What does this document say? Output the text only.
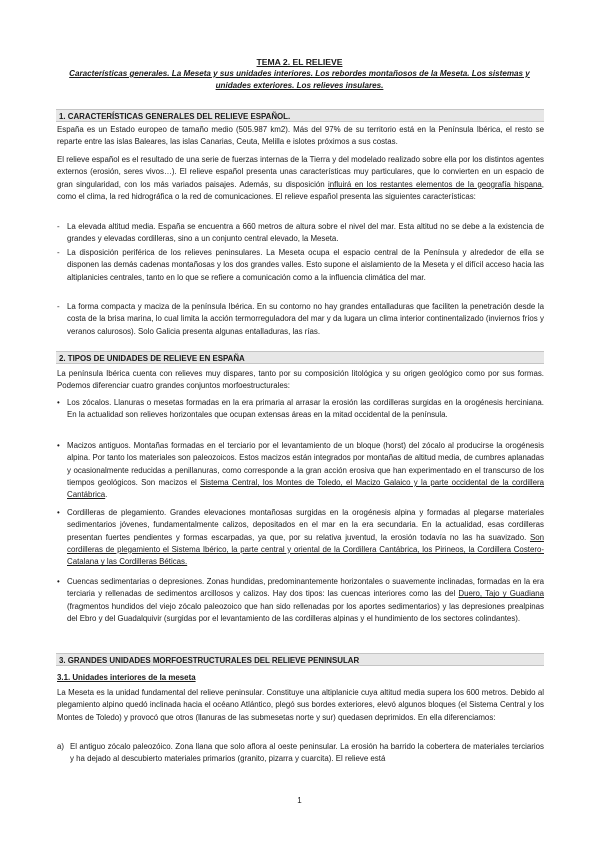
TEMA 2. EL RELIEVE
Características generales. La Meseta y sus unidades interiores. Los rebordes montañosos de la Meseta. Los sistemas y unidades exteriores. Los relieves insulares.
1. CARACTERÍSTICAS GENERALES DEL RELIEVE ESPAÑOL.
España es un Estado europeo de tamaño medio (505.987 km2). Más del 97% de su territorio está en la Península Ibérica, el resto se reparte entre las islas Baleares, las islas Canarias, Ceuta, Melilla e islotes próximos a sus costas.
El relieve español es el resultado de una serie de fuerzas internas de la Tierra y del modelado realizado sobre ella por los distintos agentes externos (erosión, seres vivos…). El relieve español presenta unas características muy particulares, que lo convierten en un espacio de gran singularidad, con los más variados paisajes. Además, su disposición influirá en los restantes elementos de la geografía hispana, como el clima, la red hidrográfica o la red de comunicaciones. El relieve español presenta las siguientes características:
- La elevada altitud media. España se encuentra a 660 metros de altura sobre el nivel del mar. Esta altitud no se debe a la existencia de grandes y elevadas cordilleras, sino a un conjunto central elevado, la Meseta.
- La disposición periférica de los relieves peninsulares. La Meseta ocupa el espacio central de la Península y alrededor de ella se disponen las demás cadenas montañosas y los dos grandes valles. Esto supone el aislamiento de la Meseta y el difícil acceso hacia las altiplanicies centrales, tanto en lo que se refiere a comunicación como a la influencia climática del mar.
- La forma compacta y maciza de la península Ibérica. En su contorno no hay grandes entalladuras que faciliten la penetración desde la costa de la brisa marina, lo cual limita la acción termorreguladora del mar y da lugara un clima interior continentalizado (inviernos fríos y veranos calurosos). Solo Galicia presenta algunas entalladuras, las rías.
2. TIPOS DE UNIDADES DE RELIEVE EN ESPAÑA
La península Ibérica cuenta con relieves muy dispares, tanto por su composición litológica y su origen geológico como por sus formas. Podemos diferenciar cuatro grandes conjuntos morfoestructurales:
• Los zócalos. Llanuras o mesetas formadas en la era primaria al arrasar la erosión las cordilleras surgidas en la orogénesis herciniana. En la actualidad son relieves horizontales que ocupan extensas áreas en la mitad occidental de la península.
• Macizos antiguos. Montañas formadas en el terciario por el levantamiento de un bloque (horst) del zócalo al producirse la orogénesis alpina. Por tanto los materiales son paleozoicos. Estos macizos están integrados por montañas de altitud media, de cumbres aplanadas y ocasionalmente reducidas a penillanuras, como corresponde a la gran acción erosiva que han experimentado en el transcurso de los tiempos geológicos. Son macizos el Sistema Central, los Montes de Toledo, el Macizo Galaico y la parte occidental de la cordillera Cantábrica.
• Cordilleras de plegamiento. Grandes elevaciones montañosas surgidas en la orogénesis alpina y formadas al plegarse materiales sedimentarios jóvenes, fundamentalmente calizos, depositados en el mar en la era secundaria. En la actualidad, esas cordilleras presentan fuertes pendientes y formas escarpadas, ya que, por su relativa juventud, la erosión todavía no las ha suavizado. Son cordilleras de plegamiento el Sistema Ibérico, la parte central y oriental de la Cordillera Cantábrica, los Pirineos, la Cordillera Costero-Catalana y las Cordilleras Béticas.
• Cuencas sedimentarias o depresiones. Zonas hundidas, predominantemente horizontales o suavemente inclinadas, formadas en la era terciaria y rellenadas de sedimentos arcillosos y calizos. Hay dos tipos: las cuencas interiores como las del Duero, Tajo y Guadiana (fragmentos hundidos del viejo zócalo paleozoico que han sido rellenadas por los aportes sedimentarios) y las depresiones prealpinas del Ebro y del Guadalquivir (surgidas por el levantamiento de las cordilleras alpinas y el hundimiento de los sectores colindantes).
3. GRANDES UNIDADES MORFOESTRUCTURALES DEL RELIEVE PENINSULAR
3.1. Unidades interiores de la meseta
La Meseta es la unidad fundamental del relieve peninsular. Constituye una altiplanicie cuya altitud media supera los 600 metros. Debido al plegamiento alpino quedó inclinada hacia el océano Atlántico, plegó sus bordes exteriores, elevó algunos bloques (el Sistema Central y los Montes de Toledo) y provocó que otros (llanuras de las submesetas norte y sur) quedasen deprimidos. En ella diferenciamos:
a) El antiguo zócalo paleozóico. Zona llana que solo aflora al oeste peninsular. La erosión ha barrido la cobertera de materiales terciarios y ha dejado al descubierto materiales primarios (granito, pizarra y cuarcita). El relieve está
1
